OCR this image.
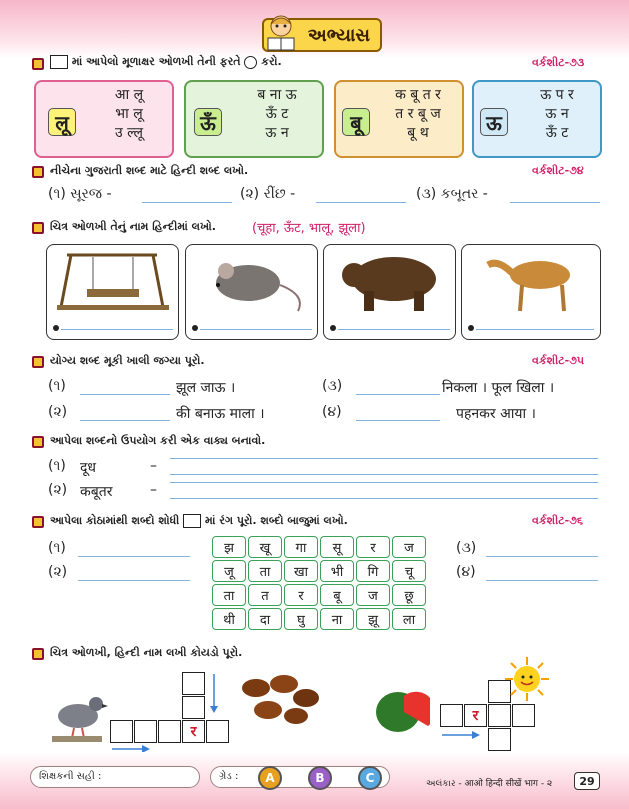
અભ્યાસ
માં આપેલો મૂળાક્ષર ઓળખી તેની ફરતે કરો.	વર્કશીટ-૭૩
लू
आ लू
भा लू
उ ल्लू	ऊँ
ब ना ऊ
ऊँ ट
ऊ न	बू
क बू त र
त र बू ज
बू थ	ऊ
ऊ प र
ऊ न
ऊँ ट
નીચેના ગુજરાતી શબ્દ માટે હિન્દી શબ્દ લખો.	વર્કશીટ-૭૪
(૧) સૂરજ -	(૨) રીંછ -	(૩) કબૂતર -
ચિત્ર ઓળખી તેનું નામ હિન્દીમાં લખો.	(चूहा, ऊँट, भालू, झूला)
યોગ્ય શબ્દ મૂકી ખાલી જગ્યા પૂરો.	વર્કશીટ-૭૫
(૧)	झूल जाऊ ।
(૨)	की बनाऊ माला ।
(૩)	निकला । फूल खिला ।
(૪)	पहनकर आया ।
આપેલા શબ્દનો ઉપયોગ કરી એક વાક્ય બનાવો.
(૧) दूध	–
(૨) कबूतर	–
આપેલા કોઠામાંથી શબ્દો શોધી માં રંગ પૂરો. શબ્દો બાજુમાં લખો.	વર્કશીટ-૭૬
(૧)
(૨)
(૩)
(૪)
झ	खू	गा	सू	र	ज
जू	ता	खा	भी	गि	चू
ता	त	र	बू	ज	छू
थी	दा	घु	ना	झू	ला
ચિત્ર ઓળખી, હિન્દી નામ લખી કોયડો પૂરો.
र
र
શિક્ષકની સહી :	ગ્રેડ :	A	B	C	અલંકાર - आओ हिन्दी सीखें भाग - ૨	29
